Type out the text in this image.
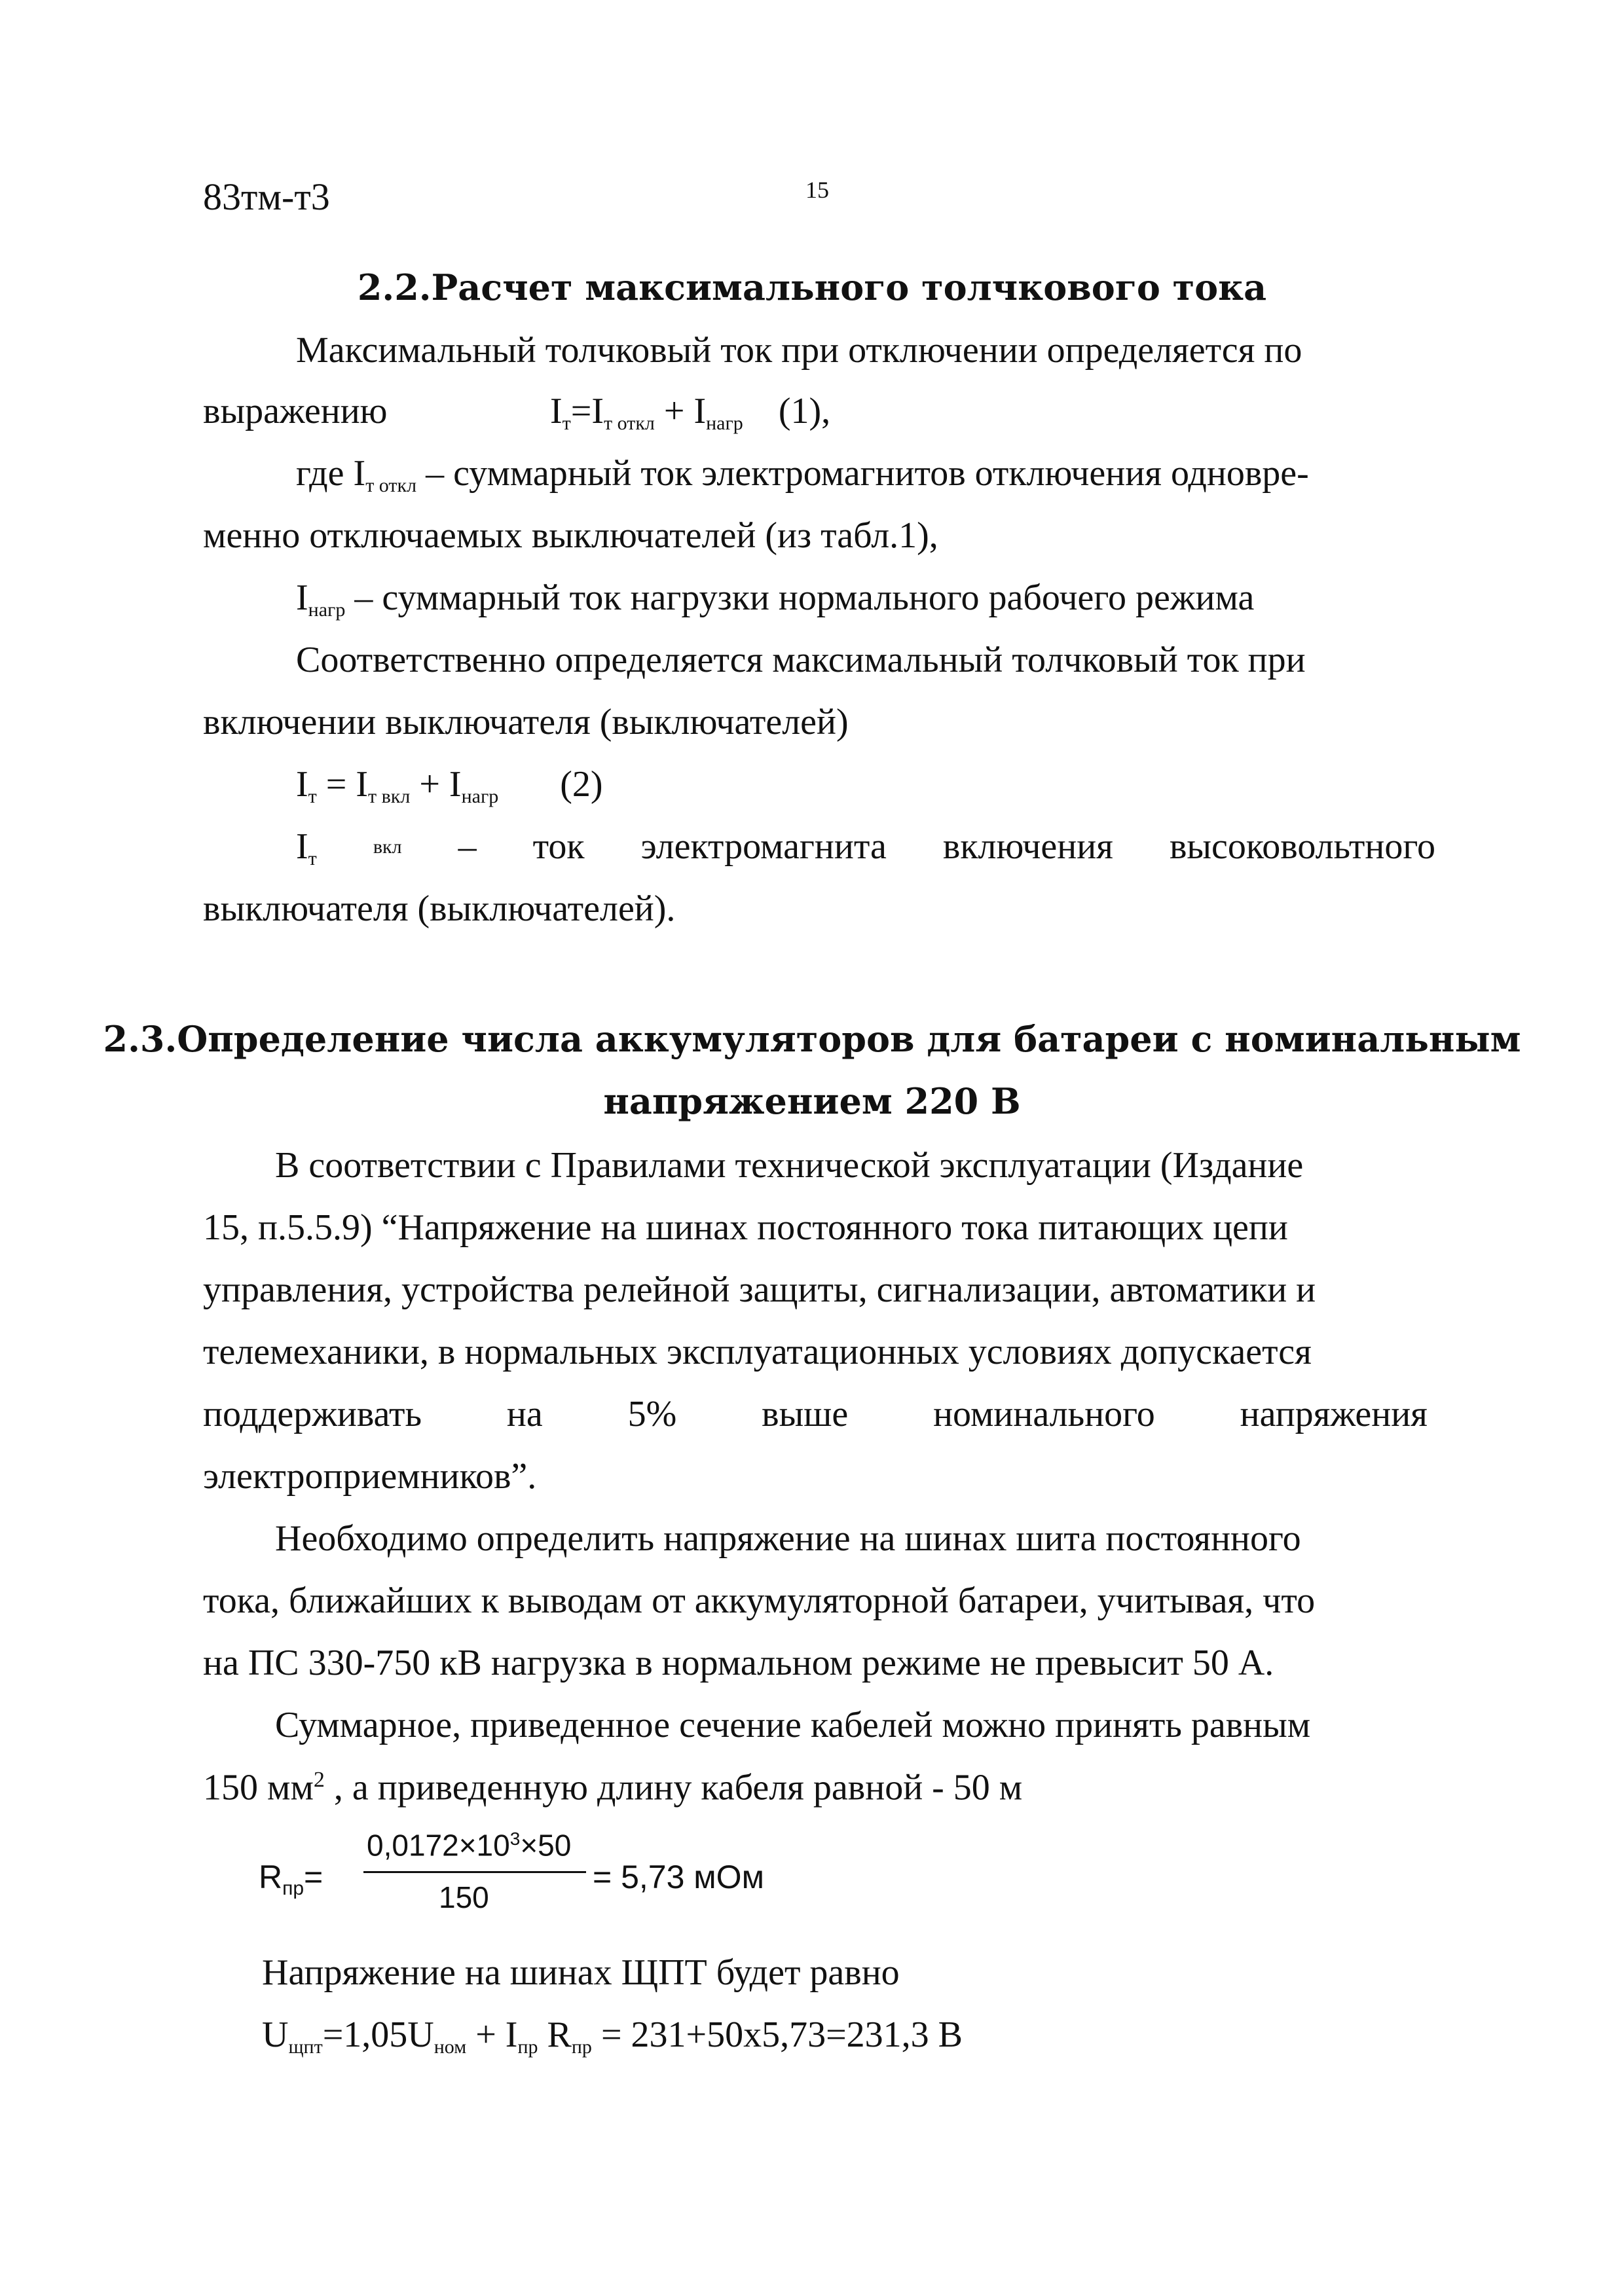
83тм-т3	15
2.2.Расчет максимального толчкового тока
Максимальный толчковый ток при отключении определяется по
выражению	Iт=Iт откл + Iнагр (1),
где Iт откл – суммарный ток электромагнитов отключения одновре-
менно отключаемых выключателей (из табл.1),
Iнагр – суммарный ток нагрузки нормального рабочего режима
Соответственно определяется максимальный толчковый ток при
включении выключателя (выключателей)
Iт = Iт вкл + Iнагр (2)
Iт
вкл – ток электромагнита включения высоковольтного
выключателя (выключателей).
2.3.Определение числа аккумуляторов для батареи с номинальным
напряжением 220 В
В соответствии с Правилами технической эксплуатации (Издание
15, п.5.5.9) “Напряжение на шинах постоянного тока питающих цепи
управления, устройства релейной защиты, сигнализации, автоматики и
телемеханики, в нормальных эксплуатационных условиях допускается
поддерживать на 5% выше номинального напряжения
электроприемников”.
Необходимо определить напряжение на шинах шита постоянного
тока, ближайших к выводам от аккумуляторной батареи, учитывая, что
на ПС 330-750 кВ нагрузка в нормальном режиме не превысит 50 А.
Суммарное, приведенное сечение кабелей можно принять равным
150 $мм^2$ , а приведенную длину кабеля равной - 50 м
$R_{пр}=$
$0,0172\times 10^3\times 50$
150
= 5,73 мОм
Напряжение на шинах ЩПТ будет равно
Uщпт=1,05Uном + Iпр Rпр = 231+50x5,73=231,3 В
